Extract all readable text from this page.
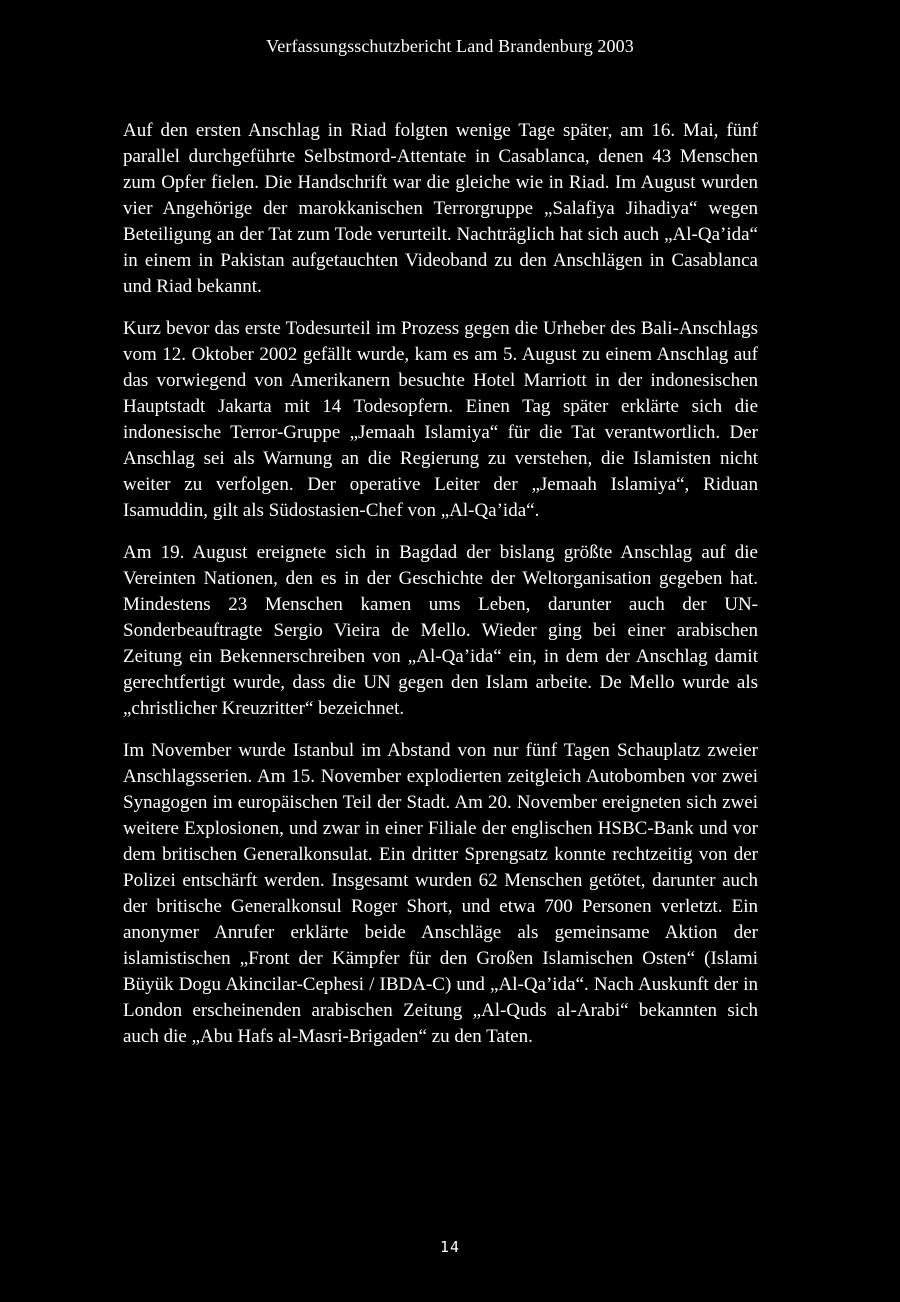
Verfassungsschutzbericht Land Brandenburg 2003

Auf den ersten Anschlag in Riad folgten wenige Tage später, am 16. Mai, fünf parallel durchgeführte Selbstmord-Attentate in Casablanca, denen 43 Menschen zum Opfer fielen. Die Handschrift war die gleiche wie in Riad. Im August wurden vier Angehörige der marokkanischen Terrorgruppe „Salafiya Jihadiya“ wegen Beteiligung an der Tat zum Tode verurteilt. Nachträglich hat sich auch „Al-Qa’ida“ in einem in Pakistan aufgetauchten Videoband zu den Anschlägen in Casablanca und Riad bekannt.

Kurz bevor das erste Todesurteil im Prozess gegen die Urheber des Bali-Anschlags vom 12. Oktober 2002 gefällt wurde, kam es am 5. August zu einem Anschlag auf das vorwiegend von Amerikanern besuchte Hotel Marriott in der indonesischen Hauptstadt Jakarta mit 14 Todesopfern. Einen Tag später erklärte sich die indonesische Terror-Gruppe „Jemaah Islamiya“ für die Tat verantwortlich. Der Anschlag sei als Warnung an die Regierung zu verstehen, die Islamisten nicht weiter zu verfolgen. Der operative Leiter der „Jemaah Islamiya“, Riduan Isamuddin, gilt als Südostasien-Chef von „Al-Qa’ida“.

Am 19. August ereignete sich in Bagdad der bislang größte Anschlag auf die Vereinten Nationen, den es in der Geschichte der Weltorganisation gegeben hat. Mindestens 23 Menschen kamen ums Leben, darunter auch der UN-Sonderbeauftragte Sergio Vieira de Mello. Wieder ging bei einer arabischen Zeitung ein Bekennerschreiben von „Al-Qa’ida“ ein, in dem der Anschlag damit gerechtfertigt wurde, dass die UN gegen den Islam arbeite. De Mello wurde als „christlicher Kreuzritter“ bezeichnet.

Im November wurde Istanbul im Abstand von nur fünf Tagen Schauplatz zweier Anschlagsserien. Am 15. November explodierten zeitgleich Autobomben vor zwei Synagogen im europäischen Teil der Stadt. Am 20. November ereigneten sich zwei weitere Explosionen, und zwar in einer Filiale der englischen HSBC-Bank und vor dem britischen Generalkonsulat. Ein dritter Sprengsatz konnte rechtzeitig von der Polizei entschärft werden. Insgesamt wurden 62 Menschen getötet, darunter auch der britische Generalkonsul Roger Short, und etwa 700 Personen verletzt. Ein anonymer Anrufer erklärte beide Anschläge als gemeinsame Aktion der islamistischen „Front der Kämpfer für den Großen Islamischen Osten“ (Islami Büyük Dogu Akincilar-Cephesi / IBDA-C) und „Al-Qa’ida“. Nach Auskunft der in London erscheinenden arabischen Zeitung „Al-Quds al-Arabi“ bekannten sich auch die „Abu Hafs al-Masri-Brigaden“ zu den Taten.

14
